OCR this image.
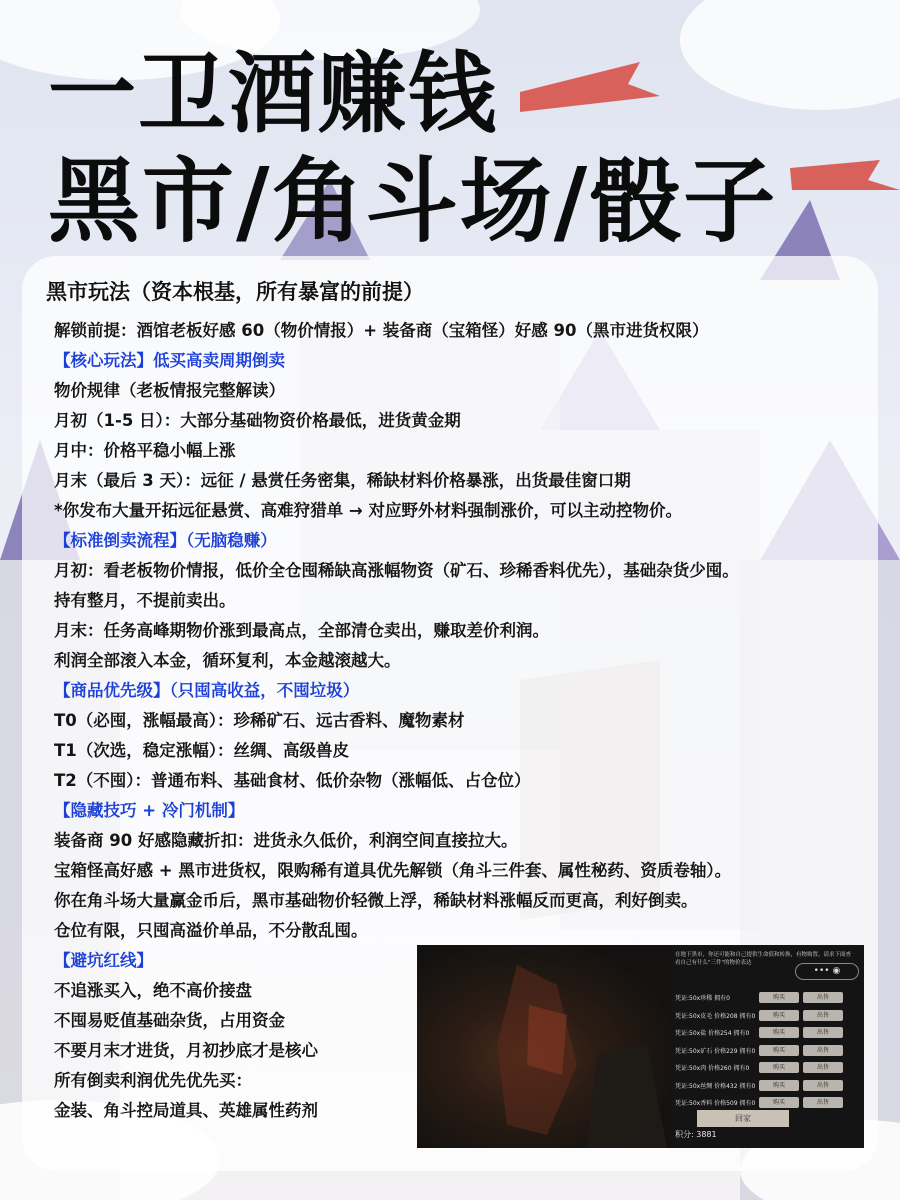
一卫酒赚钱
黑市/角斗场/骰子
黑市玩法（资本根基，所有暴富的前提）
解锁前提：酒馆老板好感 60（物价情报）+ 装备商（宝箱怪）好感 90（黑市进货权限）
【核心玩法】低买高卖周期倒卖
物价规律（老板情报完整解读）
月初（1-5 日）：大部分基础物资价格最低，进货黄金期
月中：价格平稳小幅上涨
月末（最后 3 天）：远征 / 悬赏任务密集，稀缺材料价格暴涨，出货最佳窗口期
*你发布大量开拓远征悬赏、高难狩猎单 → 对应野外材料强制涨价，可以主动控物价。
【标准倒卖流程】（无脑稳赚）
月初：看老板物价情报，低价全仓囤稀缺高涨幅物资（矿石、珍稀香料优先），基础杂货少囤。
持有整月，不提前卖出。
月末：任务高峰期物价涨到最高点，全部清仓卖出，赚取差价利润。
利润全部滚入本金，循环复利，本金越滚越大。
【商品优先级】（只囤高收益，不囤垃圾）
T0（必囤，涨幅最高）：珍稀矿石、远古香料、魔物素材
T1（次选，稳定涨幅）：丝绸、高级兽皮
T2（不囤）：普通布料、基础食材、低价杂物（涨幅低、占仓位）
【隐藏技巧 + 冷门机制】
装备商 90 好感隐藏折扣：进货永久低价，利润空间直接拉大。
宝箱怪高好感 + 黑市进货权，限购稀有道具优先解锁（角斗三件套、属性秘药、资质卷轴）。
你在角斗场大量赢金币后，黑市基础物价轻微上浮，稀缺材料涨幅反而更高，利好倒卖。
仓位有限，只囤高溢价单品，不分散乱囤。
【避坑红线】
不追涨买入，绝不高价接盘
不囤易贬值基础杂货，占用资金
不要月末才进货，月初抄底才是核心
所有倒卖利润优先优先买：
金装、角斗控局道具、英雄属性药剂
在地下黑市，你还可能和自己提供生命值和转换，有物购置。请求下面查看自己有什么"三件"的物价表达
••• ◉
凭证:50x珍稀 拥有0	购买	出售
凭证:50x皮毛 价格208 拥有0	购买	出售
凭证:50x盐 价格254 拥有0	购买	出售
凭证:50x矿石 价格229 拥有0	购买	出售
凭证:50x肉 价格260 拥有0	购买	出售
凭证:50x丝绸 价格432 拥有0	购买	出售
凭证:50x香料 价格509 拥有0	购买	出售
回家
积分: 3881
